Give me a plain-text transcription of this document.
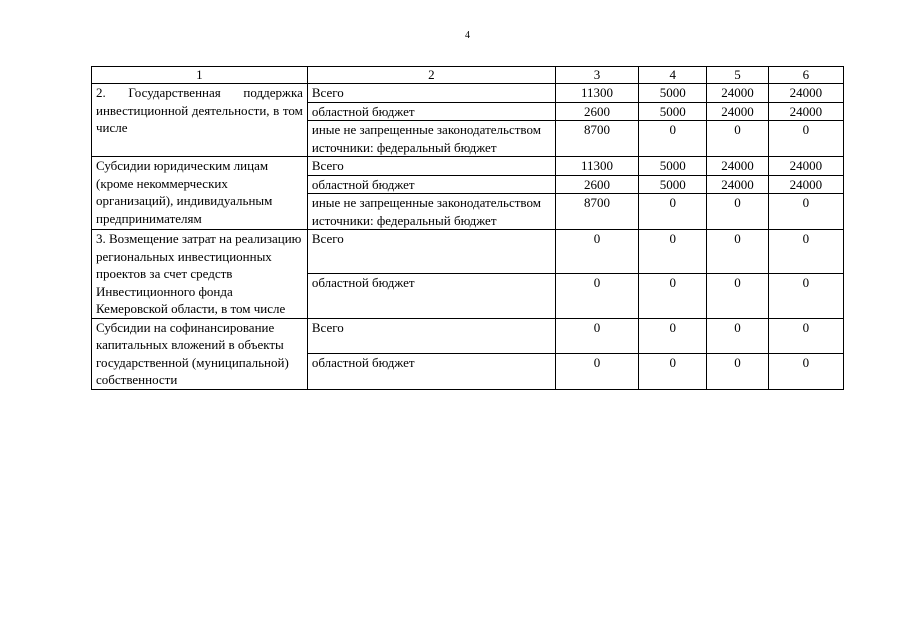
4
1	2	3	4	5	6
2. Государственная поддержка инвестиционной деятельности, в том числе	Всего	11300	5000	24000	24000
	областной бюджет	2600	5000	24000	24000
	иные не запрещенные законодательством источники: федеральный бюджет	8700	0	0	0
Субсидии юридическим лицам (кроме некоммерческих организаций), индивидуальным предпринимателям	Всего	11300	5000	24000	24000
	областной бюджет	2600	5000	24000	24000
	иные не запрещенные законодательством источники: федеральный бюджет	8700	0	0	0
3. Возмещение затрат на реализацию региональных инвестиционных проектов за счет средств Инвестиционного фонда Кемеровской области, в том числе	Всего	0	0	0	0
	областной бюджет	0	0	0	0
Субсидии на софинансирование капитальных вложений в объекты государственной (муниципальной) собственности	Всего	0	0	0	0
	областной бюджет	0	0	0	0
